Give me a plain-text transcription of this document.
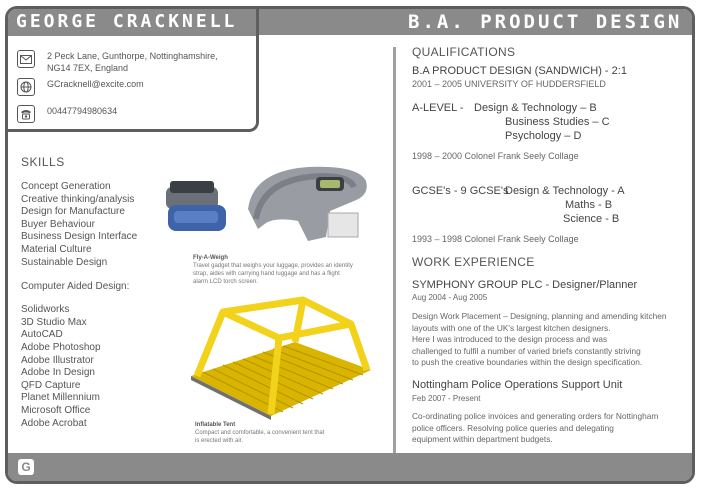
B.A. PRODUCT DESIGN
GEORGE CRACKNELL
2 Peck Lane, Gunthorpe, Nottinghamshire,
NG14 7EX, England
GCracknell@excite.com
00447794980634
SKILLS
Concept Generation
Creative thinking/analysis
Design for Manufacture
Buyer Behaviour
Business Design Interface
Material Culture
Sustainable Design
Computer Aided Design:
Solidworks
3D Studio Max
AutoCAD
Adobe Photoshop
Adobe Illustrator
Adobe In Design
QFD Capture
Planet Millennium
Microsoft Office
Adobe Acrobat
Fly-A-Weigh
Travel gadget that weighs your luggage, provides an identity strap, aides with carrying hand luggage and has a flight alarm LCD torch screen.
Inflatable Tent
Compact and comfortable, a convenient tent that is erected with air.
QUALIFICATIONS
B.A PRODUCT DESIGN (SANDWICH) - 2:1
2001 – 2005 UNIVERSITY OF HUDDERSFIELD
A-LEVEL - Design & Technology – B
Business Studies – C
Psychology – D
1998 – 2000 Colonel Frank Seely Collage
GCSE's - 9 GCSE's
Design & Technology - A
Maths - B
Science - B
1993 – 1998 Colonel Frank Seely Collage
WORK EXPERIENCE
SYMPHONY GROUP PLC - Designer/Planner
Aug 2004 - Aug 2005
Design Work Placement – Designing, planning and amending kitchen
layouts with one of the UK's largest kitchen designers.
Here I was introduced to the design process and was
challenged to fulfil a number of varied briefs constantly striving
to push the creative boundaries within the design specification.
Nottingham Police Operations Support Unit
Feb 2007 - Present
Co-ordinating police invoices and generating orders for Nottingham
police officers. Resolving police queries and delegating
equipment within department budgets.
G
